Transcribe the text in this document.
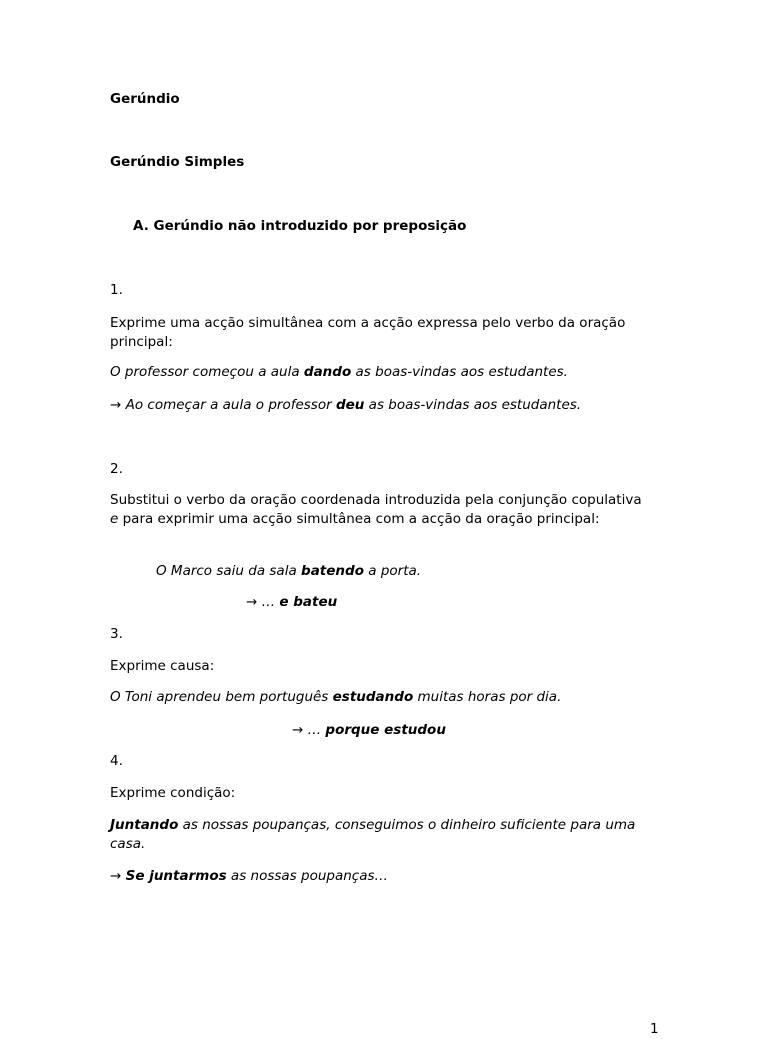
Gerúndio

Gerúndio Simples

A. Gerúndio não introduzido por preposição

1.

Exprime uma acção simultânea com a acção expressa pelo verbo da oração principal:

O professor começou a aula dando as boas-vindas aos estudantes.

→ Ao começar a aula o professor deu as boas-vindas aos estudantes.

2.

Substitui o verbo da oração coordenada introduzida pela conjunção copulativa e para exprimir uma acção simultânea com a acção da oração principal:

O Marco saiu da sala batendo a porta.

→ … e bateu

3.

Exprime causa:

O Toni aprendeu bem português estudando muitas horas por dia.

→ … porque estudou

4.

Exprime condição:

Juntando as nossas poupanças, conseguimos o dinheiro suficiente para uma casa.

→ Se juntarmos as nossas poupanças…

1
